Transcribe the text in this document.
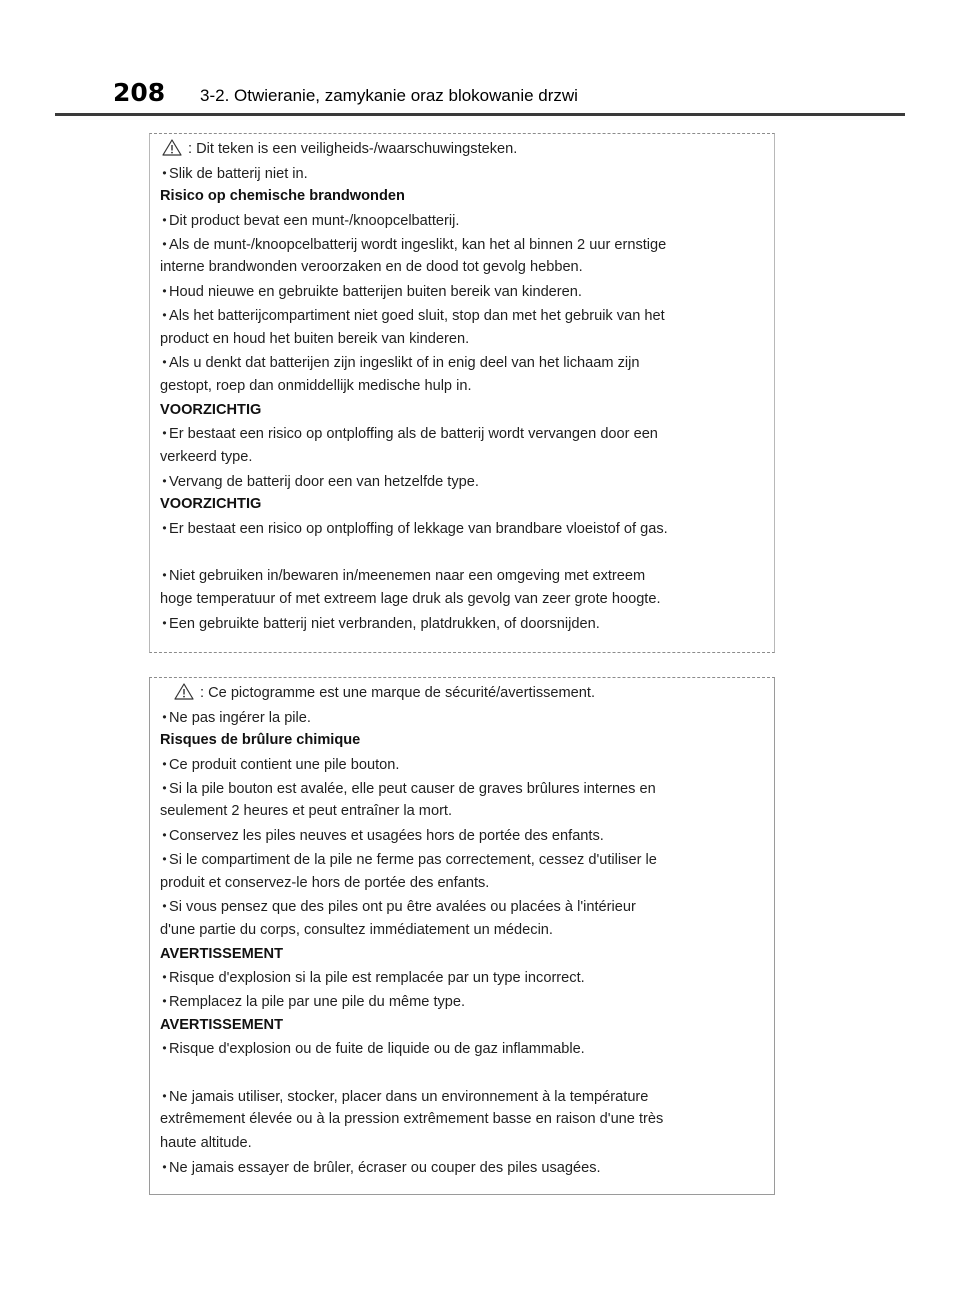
208 3-2. Otwieranie, zamykanie oraz blokowanie drzwi
: Dit teken is een veiligheids-/waarschuwingsteken.
• Slik de batterij niet in.
Risico op chemische brandwonden
• Dit product bevat een munt-/knoopcelbatterij.
• Als de munt-/knoopcelbatterij wordt ingeslikt, kan het al binnen 2 uur ernstige
interne brandwonden veroorzaken en de dood tot gevolg hebben.
• Houd nieuwe en gebruikte batterijen buiten bereik van kinderen.
• Als het batterijcompartiment niet goed sluit, stop dan met het gebruik van het
product en houd het buiten bereik van kinderen.
• Als u denkt dat batterijen zijn ingeslikt of in enig deel van het lichaam zijn
gestopt, roep dan onmiddellijk medische hulp in.
VOORZICHTIG
• Er bestaat een risico op ontploffing als de batterij wordt vervangen door een
verkeerd type.
• Vervang de batterij door een van hetzelfde type.
VOORZICHTIG
• Er bestaat een risico op ontploffing of lekkage van brandbare vloeistof of gas.
• Niet gebruiken in/bewaren in/meenemen naar een omgeving met extreem
hoge temperatuur of met extreem lage druk als gevolg van zeer grote hoogte.
• Een gebruikte batterij niet verbranden, platdrukken, of doorsnijden.
: Ce pictogramme est une marque de sécurité/avertissement.
• Ne pas ingérer la pile.
Risques de brûlure chimique
• Ce produit contient une pile bouton.
• Si la pile bouton est avalée, elle peut causer de graves brûlures internes en
seulement 2 heures et peut entraîner la mort.
• Conservez les piles neuves et usagées hors de portée des enfants.
• Si le compartiment de la pile ne ferme pas correctement, cessez d'utiliser le
produit et conservez-le hors de portée des enfants.
• Si vous pensez que des piles ont pu être avalées ou placées à l'intérieur
d'une partie du corps, consultez immédiatement un médecin.
AVERTISSEMENT
• Risque d'explosion si la pile est remplacée par un type incorrect.
• Remplacez la pile par une pile du même type.
AVERTISSEMENT
• Risque d'explosion ou de fuite de liquide ou de gaz inflammable.
• Ne jamais utiliser, stocker, placer dans un environnement à la température
extrêmement élevée ou à la pression extrêmement basse en raison d'une très
haute altitude.
• Ne jamais essayer de brûler, écraser ou couper des piles usagées.
